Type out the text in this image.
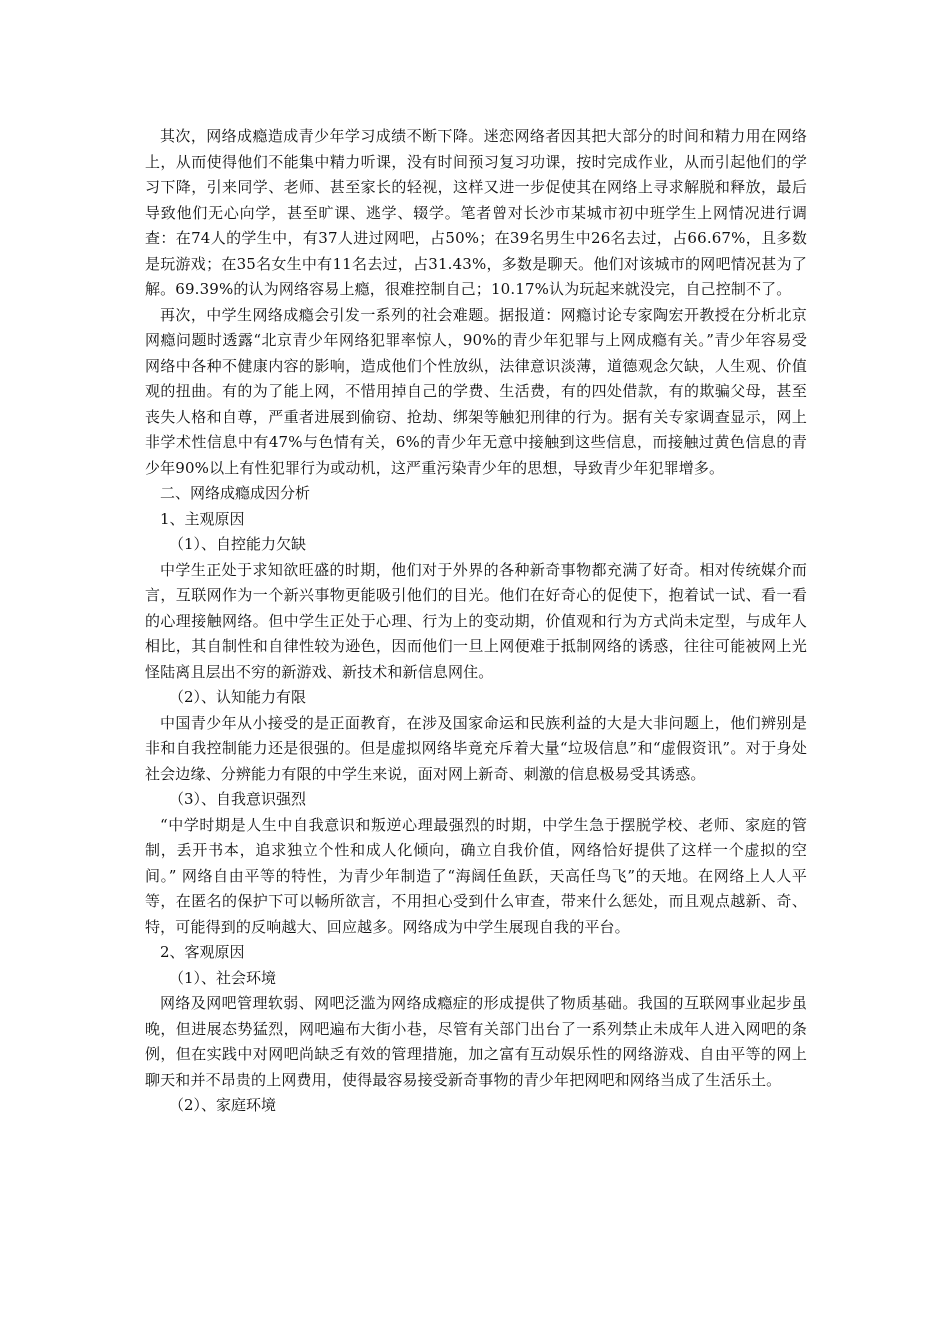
其次，网络成瘾造成青少年学习成绩不断下降。迷恋网络者因其把大部分的时间和精力用在网络上，从而使得他们不能集中精力听课，没有时间预习复习功课，按时完成作业，从而引起他们的学习下降，引来同学、老师、甚至家长的轻视，这样又进一步促使其在网络上寻求解脱和释放，最后导致他们无心向学，甚至旷课、逃学、辍学。笔者曾对长沙市某城市初中班学生上网情况进行调查：在74人的学生中，有37人进过网吧，占50%；在39名男生中26名去过，占66.67%，且多数是玩游戏；在35名女生中有11名去过，占31.43%，多数是聊天。他们对该城市的网吧情况甚为了解。69.39%的认为网络容易上瘾，很难控制自己；10.17%认为玩起来就没完，自己控制不了。

再次，中学生网络成瘾会引发一系列的社会难题。据报道：网瘾讨论专家陶宏开教授在分析北京网瘾问题时透露“北京青少年网络犯罪率惊人，90%的青少年犯罪与上网成瘾有关。”青少年容易受网络中各种不健康内容的影响，造成他们个性放纵，法律意识淡薄，道德观念欠缺，人生观、价值观的扭曲。有的为了能上网，不惜用掉自己的学费、生活费，有的四处借款，有的欺骗父母，甚至丧失人格和自尊，严重者进展到偷窃、抢劫、绑架等触犯刑律的行为。据有关专家调查显示，网上非学术性信息中有47%与色情有关，6%的青少年无意中接触到这些信息，而接触过黄色信息的青少年90%以上有性犯罪行为或动机，这严重污染青少年的思想，导致青少年犯罪增多。

二、网络成瘾成因分析

1、主观原因

（1）、自控能力欠缺

中学生正处于求知欲旺盛的时期，他们对于外界的各种新奇事物都充满了好奇。相对传统媒介而言，互联网作为一个新兴事物更能吸引他们的目光。他们在好奇心的促使下，抱着试一试、看一看的心理接触网络。但中学生正处于心理、行为上的变动期，价值观和行为方式尚未定型，与成年人相比，其自制性和自律性较为逊色，因而他们一旦上网便难于抵制网络的诱惑，往往可能被网上光怪陆离且层出不穷的新游戏、新技术和新信息网住。

（2）、认知能力有限

中国青少年从小接受的是正面教育，在涉及国家命运和民族利益的大是大非问题上，他们辨别是非和自我控制能力还是很强的。但是虚拟网络毕竟充斥着大量“垃圾信息”和“虚假资讯”。对于身处社会边缘、分辨能力有限的中学生来说，面对网上新奇、刺激的信息极易受其诱惑。

（3）、自我意识强烈

“中学时期是人生中自我意识和叛逆心理最强烈的时期，中学生急于摆脱学校、老师、家庭的管制，丢开书本，追求独立个性和成人化倾向，确立自我价值，网络恰好提供了这样一个虚拟的空间。” 网络自由平等的特性，为青少年制造了“海阔任鱼跃，天高任鸟飞”的天地。在网络上人人平等，在匿名的保护下可以畅所欲言，不用担心受到什么审查，带来什么惩处，而且观点越新、奇、特，可能得到的反响越大、回应越多。网络成为中学生展现自我的平台。

2、客观原因

（1）、社会环境

网络及网吧管理软弱、网吧泛滥为网络成瘾症的形成提供了物质基础。我国的互联网事业起步虽晚，但进展态势猛烈，网吧遍布大街小巷，尽管有关部门出台了一系列禁止未成年人进入网吧的条例，但在实践中对网吧尚缺乏有效的管理措施，加之富有互动娱乐性的网络游戏、自由平等的网上聊天和并不昂贵的上网费用，使得最容易接受新奇事物的青少年把网吧和网络当成了生活乐土。

（2）、家庭环境
